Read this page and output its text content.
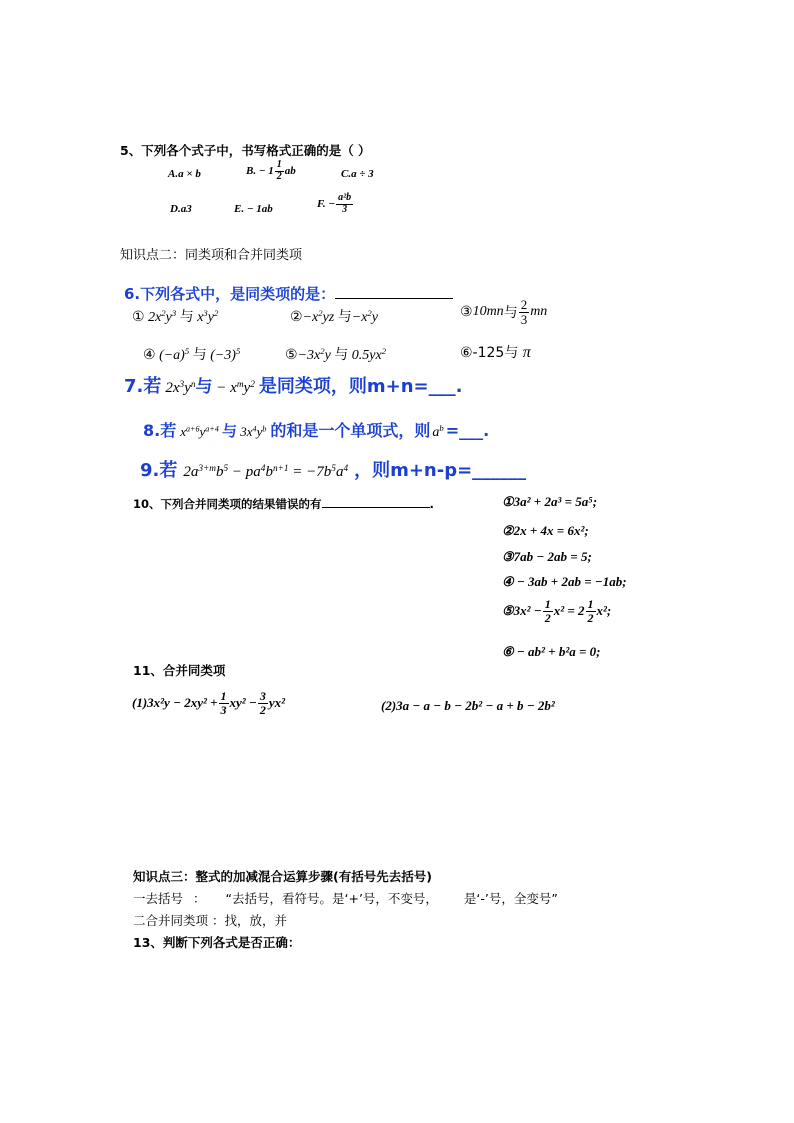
5、下列各个式子中，书写格式正确的是（ ）
A.a × b	B. − $1 \frac{1}{2}$ ab	C.a ÷ 3
D.a3	E. − 1ab	F. − $\frac{\text{a²b}}{3}$
知识点二：同类项和合并同类项
6.下列各式中，是同类项的是：
① $2x^2y^3$ 与 $x^3y^2$	$②-x^2yz$ 与$-x^2y$	③ 10mn 与 $\frac{2}{3}$ mn
④ $(-a)^5$ 与 $(-3)^5$	$⑤-3x^2y$ 与 $0.5yx^2$	⑥-125与 π
7.若 $2x^3y^n$与 − $x^my^2$ 是同类项，则m+n=___.
8.若 $x^{a+6}y^{a+4}$ 与 $3x^4y^b$ 的和是一个单项式，则 $a^b$ =___.
9.若 $2a^{3+m}b^5 - pa^4b^{n+1} = -7b^5a^4$ ，则m+n-p=______
10、下列合并同类项的结果错误的有	.	①3a² + 2a³ = 5a⁵;
②2x + 4x = 6x²;
③7ab − 2ab = 5;
④ − 3ab + 2ab = −1ab;
⑤3x² − $\frac{1}{2} x^2 = 2 \frac{1}{2} x^2$;
⑥ − ab² + b²a = 0;
11、合并同类项
$(1)3x^2y - 2xy^2 + \frac{1}{3} xy^2 - \frac{3}{2} yx^2$	(2)3a − a − b − 2b² − a + b − 2b²
知识点三：整式的加减混合运算步骤(有括号先去括号)
一去括号 ： “去括号，看符号。是‘+’号，不变号， 是‘-’号，全变号”
二合并同类项 ：找，放，并
13、判断下列各式是否正确：
